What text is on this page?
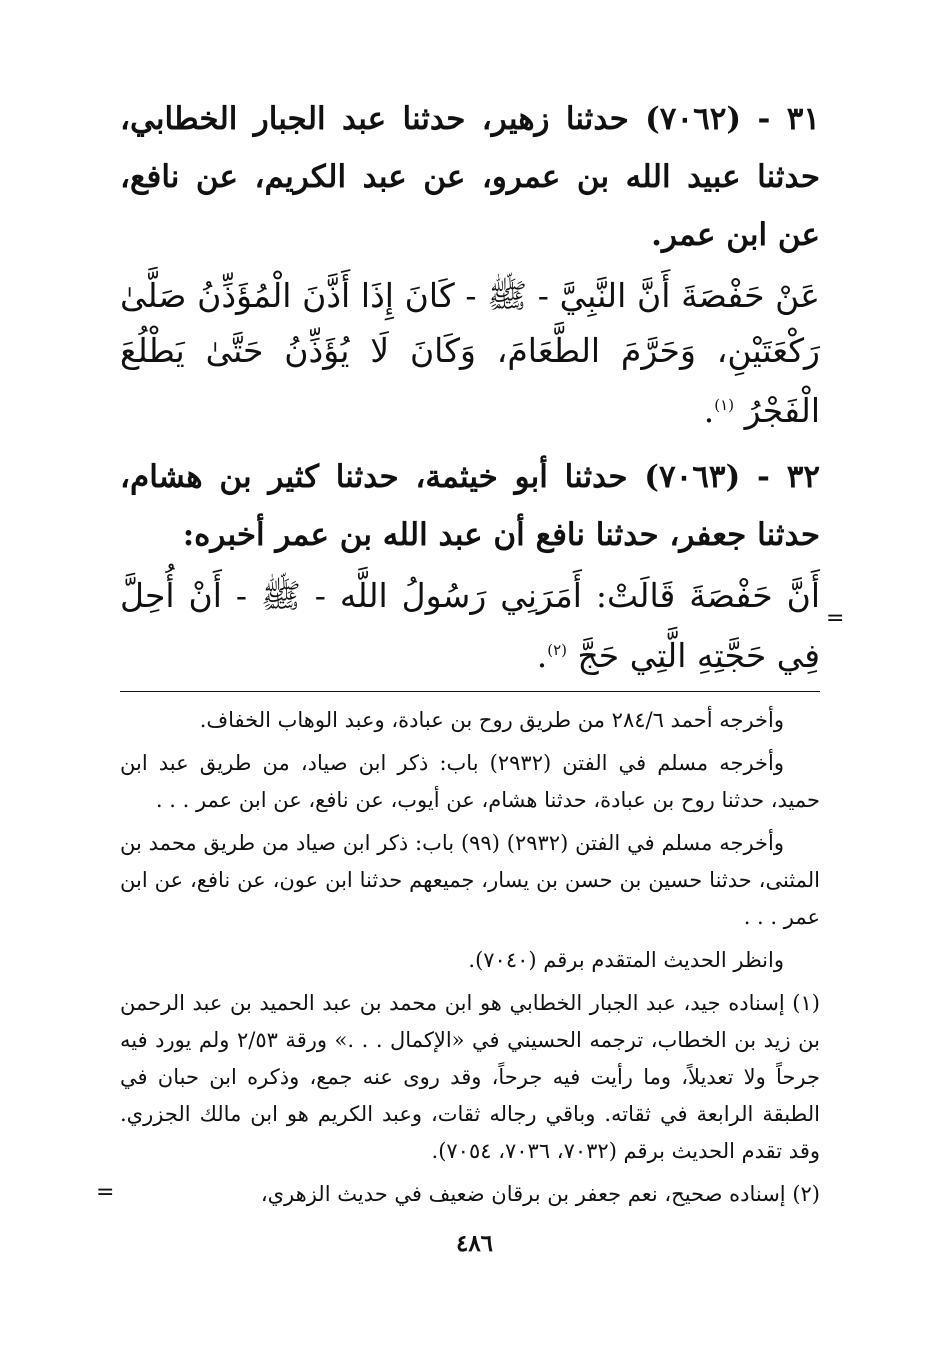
٣١ - (٧٠٦٢) حدثنا زهير، حدثنا عبد الجبار الخطابي، حدثنا عبيد الله بن عمرو، عن عبد الكريم، عن نافع، عن ابن عمر.

عَنْ حَفْصَةَ أَنَّ النَّبِيَّ - ﷺ - كَانَ إِذَا أَذَّنَ الْمُؤَذِّنُ صَلَّىٰ رَكْعَتَيْنِ، وَحَرَّمَ الطَّعَامَ، وَكَانَ لَا يُؤَذِّنُ حَتَّىٰ يَطْلُعَ الْفَجْرُ $^{(١)}$.

٣٢ - (٧٠٦٣) حدثنا أبو خيثمة، حدثنا كثير بن هشام، حدثنا جعفر، حدثنا نافع أن عبد الله بن عمر أخبره:

أَنَّ حَفْصَةَ قَالَتْ: أَمَرَنِي رَسُولُ اللَّه - ﷺ - أَنْ أُحِلَّ فِي حَجَّتِهِ الَّتِي حَجَّ $^{(٢)}$.

وأخرجه أحمد ٢٨٤/٦ من طريق روح بن عبادة، وعبد الوهاب الخفاف.

وأخرجه مسلم في الفتن (٢٩٣٢) باب: ذكر ابن صياد، من طريق عبد ابن حميد، حدثنا روح بن عبادة، حدثنا هشام، عن أيوب، عن نافع، عن ابن عمر . . .

وأخرجه مسلم في الفتن (٢٩٣٢) (٩٩) باب: ذكر ابن صياد من طريق محمد بن المثنى، حدثنا حسين بن حسن بن يسار، جميعهم حدثنا ابن عون، عن نافع، عن ابن عمر . . .

وانظر الحديث المتقدم برقم (٧٠٤٠).

(١) إسناده جيد، عبد الجبار الخطابي هو ابن محمد بن عبد الحميد بن عبد الرحمن بن زيد بن الخطاب، ترجمه الحسيني في «الإكمال . . .» ورقة ٢/٥٣ ولم يورد فيه جرحاً ولا تعديلاً، وما رأيت فيه جرحاً، وقد روى عنه جمع، وذكره ابن حبان في الطبقة الرابعة في ثقاته. وباقي رجاله ثقات، وعبد الكريم هو ابن مالك الجزري. وقد تقدم الحديث برقم (٧٠٣٢، ٧٠٣٦، ٧٠٥٤).

(٢) إسناده صحيح، نعم جعفر بن برقان ضعيف في حديث الزهري،

=
=
٤٨٦
